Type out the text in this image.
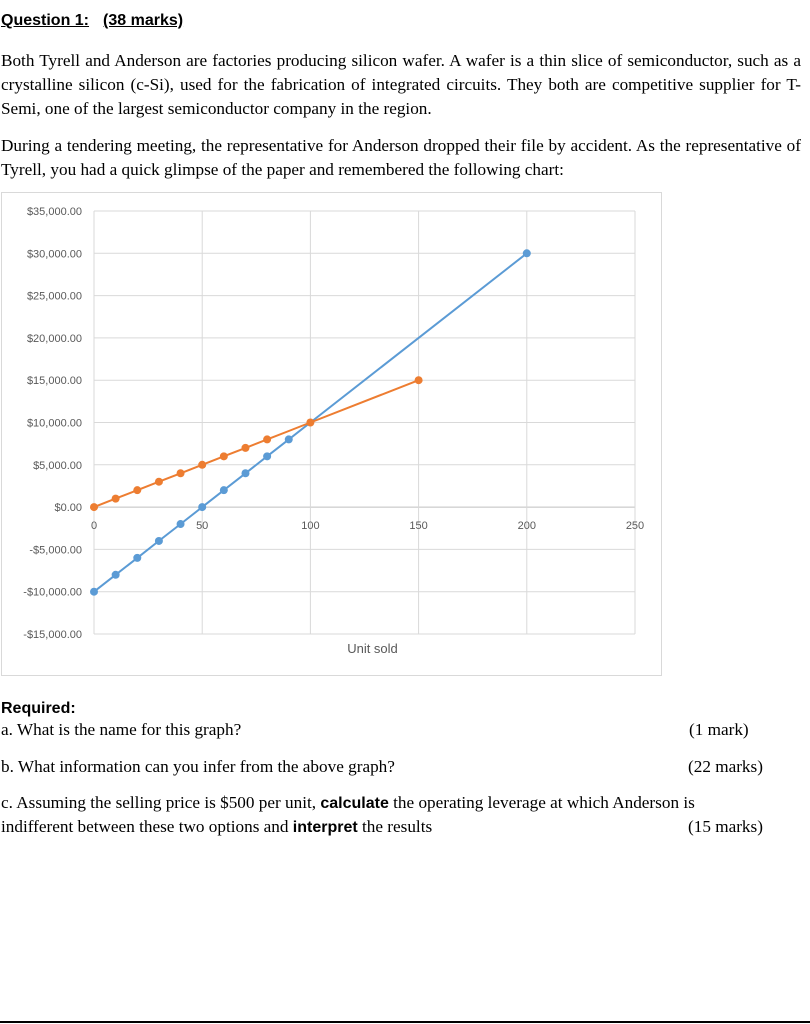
Question 1: (38 marks)

Both Tyrell and Anderson are factories producing silicon wafer. A wafer is a thin slice of semiconductor, such as a crystalline silicon (c-Si), used for the fabrication of integrated circuits. They both are competitive supplier for T-Semi, one of the largest semiconductor company in the region.

During a tendering meeting, the representative for Anderson dropped their file by accident. As the representative of Tyrell, you had a quick glimpse of the paper and remembered the following chart:

$35,000.00
$30,000.00
$25,000.00
$20,000.00
$15,000.00
$10,000.00
$5,000.00
$0.00
-$5,000.00
-$10,000.00
-$15,000.00
0	50	100	150	200	250
Unit sold
Required:
a. What is the name for this graph?	(1 mark)
b. What information can you infer from the above graph?	(22 marks)
c. Assuming the selling price is $500 per unit, calculate the operating leverage at which Anderson is
indifferent between these two options and interpret the results	(15 marks)
